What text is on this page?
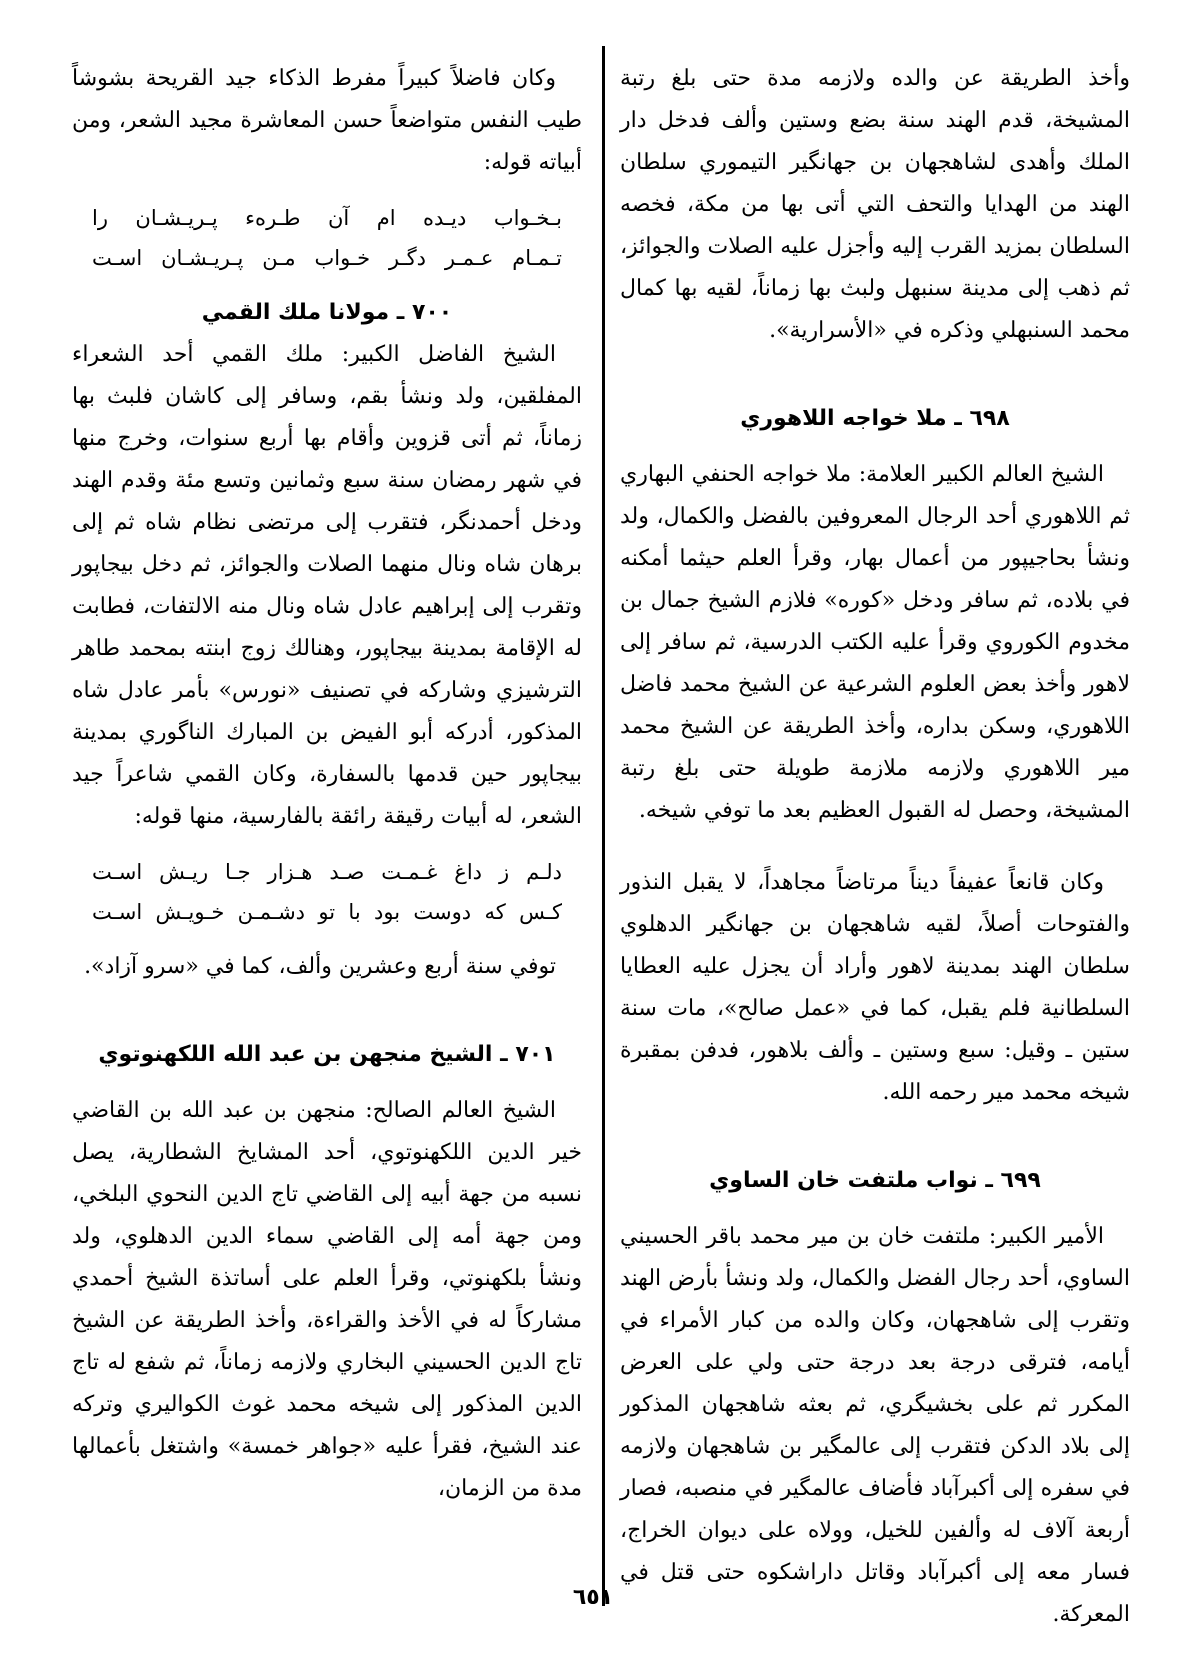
وأخذ الطريقة عن والده ولازمه مدة حتى بلغ رتبة المشيخة، قدم الهند سنة بضع وستين وألف فدخل دار الملك وأهدى لشاهجهان بن جهانگير التيموري سلطان الهند من الهدايا والتحف التي أتى بها من مكة، فخصه السلطان بمزيد القرب إليه وأجزل عليه الصلات والجوائز، ثم ذهب إلى مدينة سنبهل ولبث بها زماناً، لقيه بها كمال محمد السنبهلي وذكره في «الأسرارية».

٦٩٨ ـ ملا خواجه اللاهوري

الشيخ العالم الكبير العلامة: ملا خواجه الحنفي البهاري ثم اللاهوري أحد الرجال المعروفين بالفضل والكمال، ولد ونشأ بحاجيپور من أعمال بهار، وقرأ العلم حيثما أمكنه في بلاده، ثم سافر ودخل «كوره» فلازم الشيخ جمال بن مخدوم الكوروي وقرأ عليه الكتب الدرسية، ثم سافر إلى لاهور وأخذ بعض العلوم الشرعية عن الشيخ محمد فاضل اللاهوري، وسكن بداره، وأخذ الطريقة عن الشيخ محمد مير اللاهوري ولازمه ملازمة طويلة حتى بلغ رتبة المشيخة، وحصل له القبول العظيم بعد ما توفي شيخه.

وكان قانعاً عفيفاً ديناً مرتاضاً مجاهداً، لا يقبل النذور والفتوحات أصلاً، لقيه شاهجهان بن جهانگير الدهلوي سلطان الهند بمدينة لاهور وأراد أن يجزل عليه العطايا السلطانية فلم يقبل، كما في «عمل صالح»، مات سنة ستين ـ وقيل: سبع وستين ـ وألف بلاهور، فدفن بمقبرة شيخه محمد مير رحمه الله.

٦٩٩ ـ نواب ملتفت خان الساوي

الأمير الكبير: ملتفت خان بن مير محمد باقر الحسيني الساوي، أحد رجال الفضل والكمال، ولد ونشأ بأرض الهند وتقرب إلى شاهجهان، وكان والده من كبار الأمراء في أيامه، فترقى درجة بعد درجة حتى ولي على العرض المكرر ثم على بخشيگري، ثم بعثه شاهجهان المذكور إلى بلاد الدكن فتقرب إلى عالمگير بن شاهجهان ولازمه في سفره إلى أكبرآباد فأضاف عالمگير في منصبه، فصار أربعة آلاف له وألفين للخيل، وولاه على ديوان الخراج، فسار معه إلى أكبرآباد وقاتل داراشكوه حتى قتل في المعركة.

وكان فاضلاً كبيراً مفرط الذكاء جيد القريحة بشوشاً طيب النفس متواضعاً حسن المعاشرة مجيد الشعر، ومن أبياته قوله:

بـخـواب ديـده ام آن طـره‌ء پـريـشـان را

تـمـام عـمـر دگـر خـواب مـن پـريـشـان اسـت

٧٠٠ ـ مولانا ملك القمي

الشيخ الفاضل الكبير: ملك القمي أحد الشعراء المفلقين، ولد ونشأ بقم، وسافر إلى كاشان فلبث بها زماناً، ثم أتى قزوين وأقام بها أربع سنوات، وخرج منها في شهر رمضان سنة سبع وثمانين وتسع مئة وقدم الهند ودخل أحمدنگر، فتقرب إلى مرتضى نظام شاه ثم إلى برهان شاه ونال منهما الصلات والجوائز، ثم دخل بيجاپور وتقرب إلى إبراهيم عادل شاه ونال منه الالتفات، فطابت له الإقامة بمدينة بيجاپور، وهنالك زوج ابنته بمحمد طاهر الترشيزي وشاركه في تصنيف «نورس» بأمر عادل شاه المذكور، أدركه أبو الفيض بن المبارك الناگوري بمدينة بيجاپور حين قدمها بالسفارة، وكان القمي شاعراً جيد الشعر، له أبيات رقيقة رائقة بالفارسية، منها قوله:

دلـم ز داغ غـمـت صـد هـزار جـا ريـش اسـت

كـس كه دوست بود با تو دشـمـن خـويـش اسـت

توفي سنة أربع وعشرين وألف، كما في «سرو آزاد».

٧٠١ ـ الشيخ منجهن بن عبد الله اللكهنوتوي

الشيخ العالم الصالح: منجهن بن عبد الله بن القاضي خير الدين اللكهنوتوي، أحد المشايخ الشطارية، يصل نسبه من جهة أبيه إلى القاضي تاج الدين النحوي البلخي، ومن جهة أمه إلى القاضي سماء الدين الدهلوي، ولد ونشأ بلكهنوتي، وقرأ العلم على أساتذة الشيخ أحمدي مشاركاً له في الأخذ والقراءة، وأخذ الطريقة عن الشيخ تاج الدين الحسيني البخاري ولازمه زماناً، ثم شفع له تاج الدين المذكور إلى شيخه محمد غوث الكواليري وتركه عند الشيخ، فقرأ عليه «جواهر خمسة» واشتغل بأعمالها مدة من الزمان،

٦٥١
